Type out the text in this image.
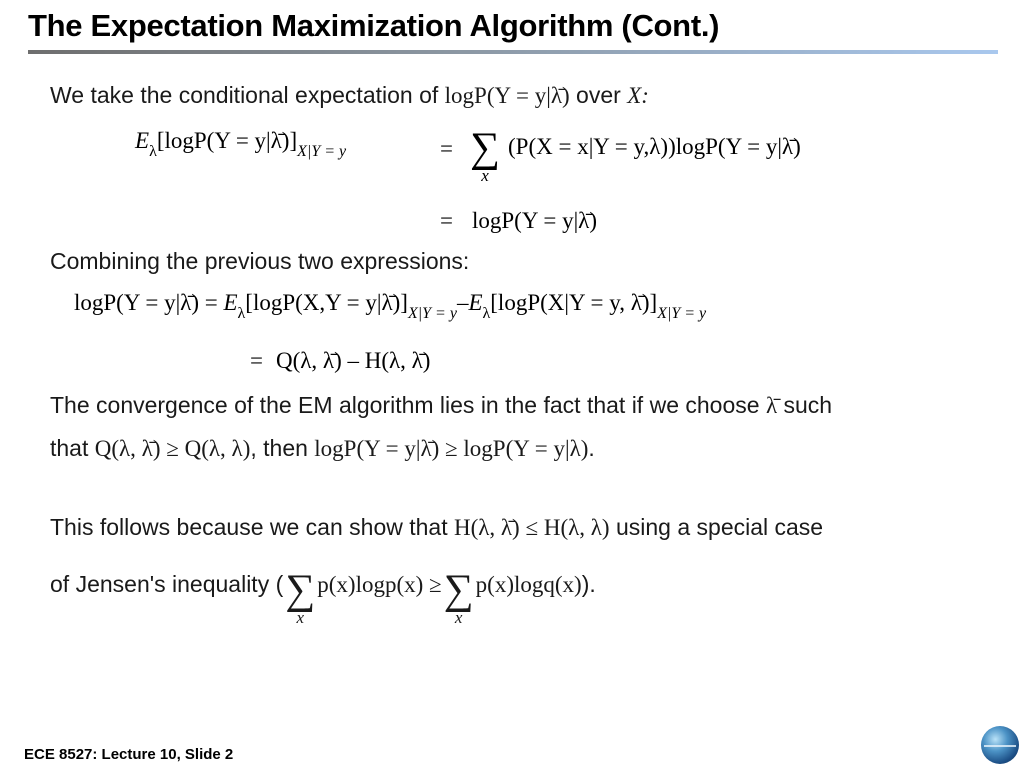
The Expectation Maximization Algorithm (Cont.)
We take the conditional expectation of logP(Y = y|λ̄) over X:
$E_\lambda[\log P(Y$ = $y|\lambdā)]_{X|Y = y}$	= ∑
x
(P(X = x|Y = y,λ))logP(Y = y|λ̄)
= logP(Y = y|λ̄)
Combining the previous two expressions:
logP(Y = y|λ̄) = $E_\lambda[\log P(X,Y$ = $y|\lambdā)]_{X|Y = y}-E_\lambda[\log P(X|Y = y$, $\lambdā)]_{X|Y = y}$
= Q(λ, λ̄) – H(λ, λ̄)
The convergence of the EM algorithm lies in the fact that if we choose λ̄ such
that Q(λ, λ̄) ≥ Q(λ, λ), then logP(Y = y|λ̄) ≥ logP(Y = y|λ).
This follows because we can show that H(λ, λ̄) ≤ H(λ, λ) using a special case
of Jensen's inequality ( ∑
x
p(x)logp(x) ≥ ∑
x
p(x)logq(x)).
ECE 8527: Lecture 10, Slide 2
